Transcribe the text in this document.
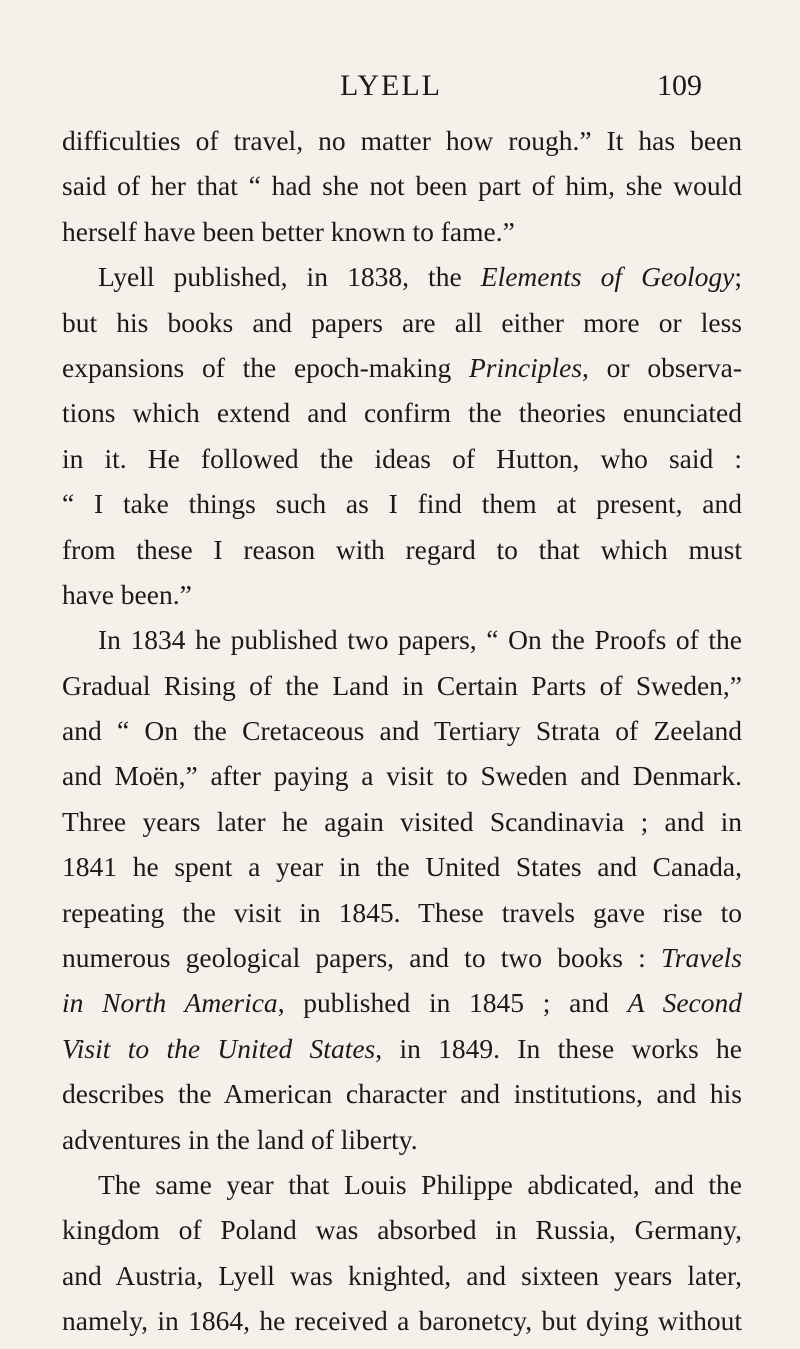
LYELL	109
difficulties of travel, no matter how rough.” It has been
said of her that “ had she not been part of him, she would
herself have been better known to fame.”
Lyell published, in 1838, the Elements of Geology;
but his books and papers are all either more or less
expansions of the epoch-making Principles, or observa-
tions which extend and confirm the theories enunciated
in it. He followed the ideas of Hutton, who said :
“ I take things such as I find them at present, and
from these I reason with regard to that which must
have been.”
In 1834 he published two papers, “ On the Proofs of the
Gradual Rising of the Land in Certain Parts of Sweden,”
and “ On the Cretaceous and Tertiary Strata of Zeeland
and Moën,” after paying a visit to Sweden and Denmark.
Three years later he again visited Scandinavia ; and in
1841 he spent a year in the United States and Canada,
repeating the visit in 1845. These travels gave rise to
numerous geological papers, and to two books : Travels
in North America, published in 1845 ; and A Second
Visit to the United States, in 1849. In these works he
describes the American character and institutions, and his
adventures in the land of liberty.
The same year that Louis Philippe abdicated, and the
kingdom of Poland was absorbed in Russia, Germany,
and Austria, Lyell was knighted, and sixteen years later,
namely, in 1864, he received a baronetcy, but dying without
